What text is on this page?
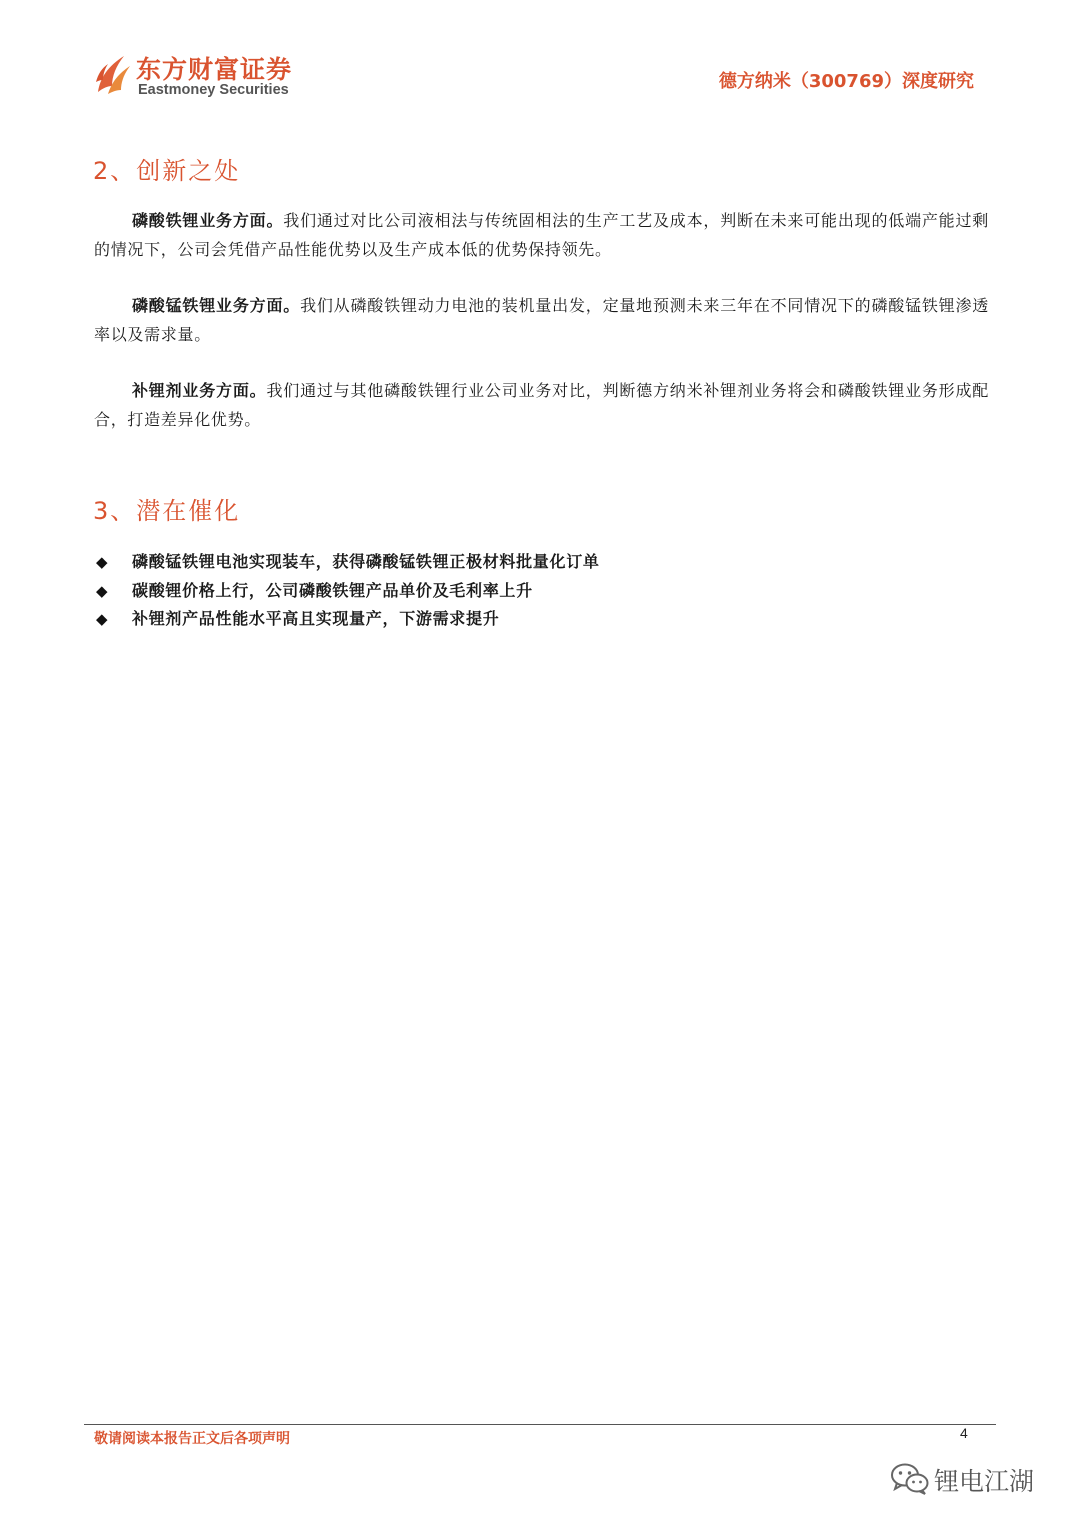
东方财富证券
Eastmoney Securities	德方纳米（300769）深度研究
2、创新之处
磷酸铁锂业务方面。我们通过对比公司液相法与传统固相法的生产工艺及成本，判断在未来可能出现的低端产能过剩的情况下，公司会凭借产品性能优势以及生产成本低的优势保持领先。
磷酸锰铁锂业务方面。我们从磷酸铁锂动力电池的装机量出发，定量地预测未来三年在不同情况下的磷酸锰铁锂渗透率以及需求量。
补锂剂业务方面。我们通过与其他磷酸铁锂行业公司业务对比，判断德方纳米补锂剂业务将会和磷酸铁锂业务形成配合，打造差异化优势。
3、潜在催化
◆ 磷酸锰铁锂电池实现装车，获得磷酸锰铁锂正极材料批量化订单
◆ 碳酸锂价格上行，公司磷酸铁锂产品单价及毛利率上升
◆ 补锂剂产品性能水平高且实现量产，下游需求提升
敬请阅读本报告正文后各项声明	4
锂电江湖
